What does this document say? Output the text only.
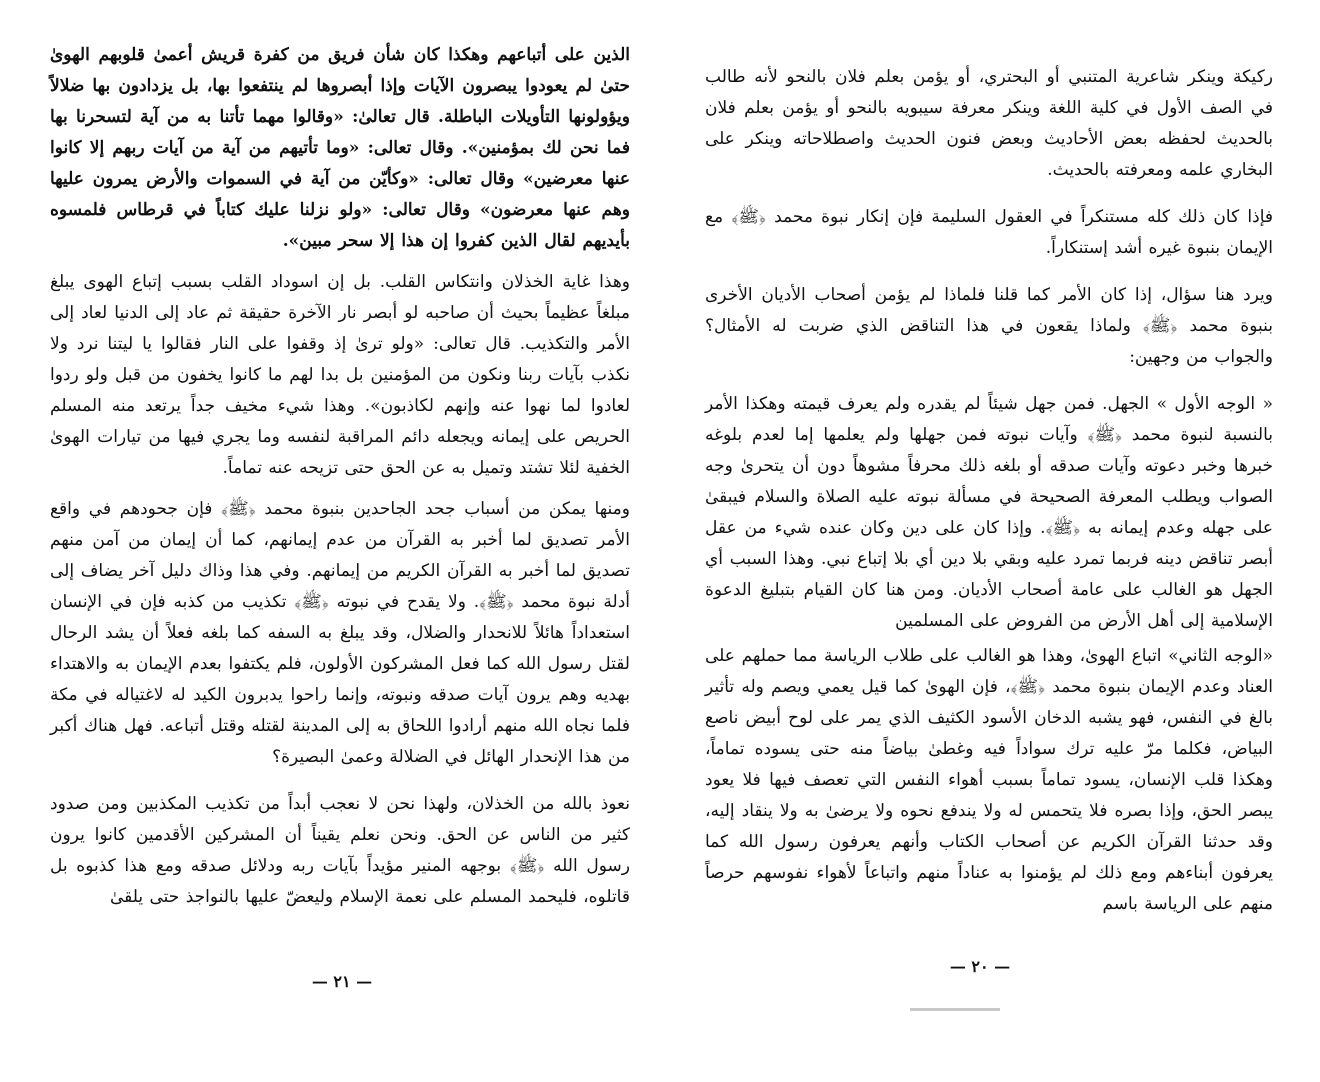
الذين على أتباعهم وهكذا كان شأن فريق من كفرة قريش أعمىٰ قلوبهم الهوىٰ حتىٰ لم يعودوا يبصرون الآيات وإذا أبصروها لم ينتفعوا بها، بل يزدادون بها ضلالاً ويؤولونها التأويلات الباطلة. قال تعالىٰ: «وقالوا مهما تأتنا به من آية لتسحرنا بها فما نحن لك بمؤمنين». وقال تعالى: «وما تأتيهم من آية من آيات ربهم إلا كانوا عنها معرضين» وقال تعالى: «وكأيّن من آية في السموات والأرض يمرون عليها وهم عنها معرضون» وقال تعالى: «ولو نزلنا عليك كتاباً في قرطاس فلمسوه بأيديهم لقال الذين كفروا إن هذا إلا سحر مبين».

وهذا غاية الخذلان وانتكاس القلب. بل إن اسوداد القلب بسبب إتباع الهوى يبلغ مبلغاً عظيماً بحيث أن صاحبه لو أبصر نار الآخرة حقيقة ثم عاد إلى الدنيا لعاد إلى الأمر والتكذيب. قال تعالى: «ولو ترىٰ إذ وقفوا على النار فقالوا يا ليتنا نرد ولا نكذب بآيات ربنا ونكون من المؤمنين بل بدا لهم ما كانوا يخفون من قبل ولو ردوا لعادوا لما نهوا عنه وإنهم لكاذبون». وهذا شيء مخيف جداً يرتعد منه المسلم الحريص على إيمانه ويجعله دائم المراقبة لنفسه وما يجري فيها من تيارات الهوىٰ الخفية لئلا تشتد وتميل به عن الحق حتى تزيحه عنه تماماً.

ومنها يمكن من أسباب جحد الجاحدين بنبوة محمد ﴿ﷺ﴾ فإن جحودهم في واقع الأمر تصديق لما أخبر به القرآن من عدم إيمانهم، كما أن إيمان من آمن منهم تصديق لما أخبر به القرآن الكريم من إيمانهم. وفي هذا وذاك دليل آخر يضاف إلى أدلة نبوة محمد ﴿ﷺ﴾. ولا يقدح في نبوته ﴿ﷺ﴾ تكذيب من كذبه فإن في الإنسان استعداداً هائلاً للانحدار والضلال، وقد يبلغ به السفه كما بلغه فعلاً أن يشد الرحال لقتل رسول الله كما فعل المشركون الأولون، فلم يكتفوا بعدم الإيمان به والاهتداء بهديه وهم يرون آيات صدقه ونبوته، وإنما راحوا يدبرون الكيد له لاغتياله في مكة فلما نجاه الله منهم أرادوا اللحاق به إلى المدينة لقتله وقتل أتباعه. فهل هناك أكبر من هذا الإنحدار الهائل في الضلالة وعمىٰ البصيرة؟

نعوذ بالله من الخذلان، ولهذا نحن لا نعجب أبداً من تكذيب المكذبين ومن صدود كثير من الناس عن الحق. ونحن نعلم يقيناً أن المشركين الأقدمين كانوا يرون رسول الله ﴿ﷺ﴾ بوجهه المنير مؤيداً بآيات ربه ودلائل صدقه ومع هذا كذبوه بل قاتلوه، فليحمد المسلم على نعمة الإسلام وليعضّ عليها بالنواجذ حتى يلقىٰ

ركيكة وينكر شاعرية المتنبي أو البحتري، أو يؤمن بعلم فلان بالنحو لأنه طالب في الصف الأول في كلية اللغة وينكر معرفة سيبويه بالنحو أو يؤمن بعلم فلان بالحديث لحفظه بعض الأحاديث وبعض فنون الحديث واصطلاحاته وينكر على البخاري علمه ومعرفته بالحديث.

فإذا كان ذلك كله مستنكراً في العقول السليمة فإن إنكار نبوة محمد ﴿ﷺ﴾ مع الإيمان بنبوة غيره أشد إستنكاراً.

ويرد هنا سؤال، إذا كان الأمر كما قلنا فلماذا لم يؤمن أصحاب الأديان الأخرى بنبوة محمد ﴿ﷺ﴾ ولماذا يقعون في هذا التناقض الذي ضربت له الأمثال؟ والجواب من وجهين:

« الوجه الأول » الجهل. فمن جهل شيئاً لم يقدره ولم يعرف قيمته وهكذا الأمر بالنسبة لنبوة محمد ﴿ﷺ﴾ وآيات نبوته فمن جهلها ولم يعلمها إما لعدم بلوغه خبرها وخبر دعوته وآيات صدقه أو بلغه ذلك محرفاً مشوهاً دون أن يتحرىٰ وجه الصواب ويطلب المعرفة الصحيحة في مسألة نبوته عليه الصلاة والسلام فيبقىٰ على جهله وعدم إيمانه به ﴿ﷺ﴾. وإذا كان على دين وكان عنده شيء من عقل أبصر تناقض دينه فربما تمرد عليه وبقي بلا دين أي بلا إتباع نبي. وهذا السبب أي الجهل هو الغالب على عامة أصحاب الأديان. ومن هنا كان القيام بتبليغ الدعوة الإسلامية إلى أهل الأرض من الفروض على المسلمين

«الوجه الثاني» اتباع الهوىٰ، وهذا هو الغالب على طلاب الرياسة مما حملهم على العناد وعدم الإيمان بنبوة محمد ﴿ﷺ﴾، فإن الهوىٰ كما قيل يعمي ويصم وله تأثير بالغ في النفس، فهو يشبه الدخان الأسود الكثيف الذي يمر على لوح أبيض ناصع البياض، فكلما مرّ عليه ترك سواداً فيه وغطىٰ بياضاً منه حتى يسوده تماماً، وهكذا قلب الإنسان، يسود تماماً بسبب أهواء النفس التي تعصف فيها فلا يعود يبصر الحق، وإذا بصره فلا يتحمس له ولا يندفع نحوه ولا يرضىٰ به ولا ينقاد إليه، وقد حدثنا القرآن الكريم عن أصحاب الكتاب وأنهم يعرفون رسول الله كما يعرفون أبناءهم ومع ذلك لم يؤمنوا به عناداً منهم واتباعاً لأهواء نفوسهم حرصاً منهم على الرياسة باسم

— ٢١ —
— ٢٠ —
